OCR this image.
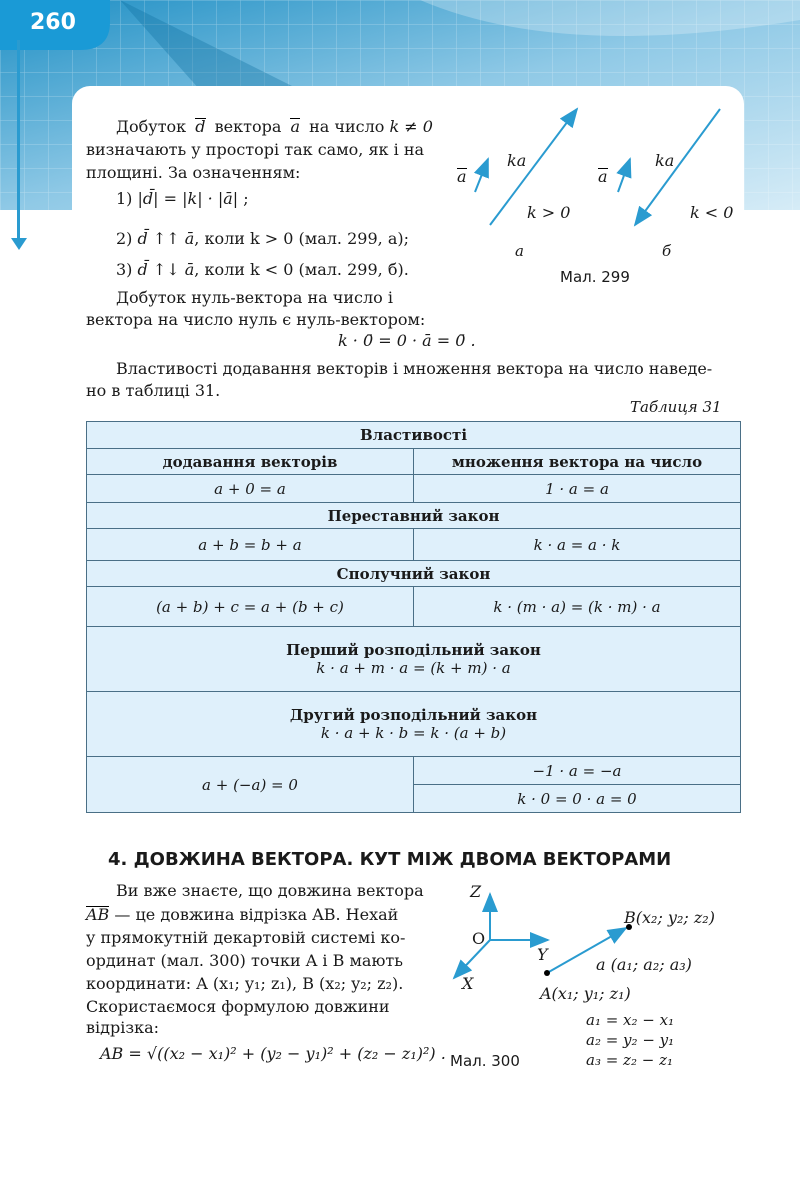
260
Добуток d вектора a на число k ≠ 0
визначають у просторі так само, як і на
площині. За означенням:
1) |d̄| = |k| · |ā| ;
2) d̄ ↑↑ ā, коли k > 0 (мал. 299, а);
3) d̄ ↑↓ ā, коли k < 0 (мал. 299, б).
Добуток нуль-вектора на число і
вектора на число нуль є нуль-вектором:
k · 0̄ = 0 · ā = 0̄ .
Властивості додавання векторів і множення вектора на число наведе-
но в таблиці 31.
a
ka
a
ka
k > 0	k < 0
а	б
Мал. 299
Таблиця 31
Властивості	
додавання векторів	множення вектора на число
a + 0 = a	1 · a = a
Переставний закон	
a + b = b + a	k · a = a · k
Сполучний закон	
(a + b) + c = a + (b + c)	k · (m · a) = (k · m) · a

Перший розподільний закон
k · a + m · a = (k + m) · a	

Другий розподільний закон
k · a + k · b = k · (a + b)	

a + (−a) = 0	−1 · a = −a
	k · 0 = 0 · a = 0
4. ДОВЖИНА ВЕКТОРА. КУТ МІЖ ДВОМА ВЕКТОРАМИ
Ви вже знаєте, що довжина вектора
AB — це довжина відрізка AB. Нехай
у прямокутній декартовій системі ко-
ординат (мал. 300) точки A і B мають
координати: A (x₁; y₁; z₁), B (x₂; y₂; z₂).
Скористаємося формулою довжини
відрізка:
AB = √((x₂ − x₁)² + (y₂ − y₁)² + (z₂ − z₁)²) .
Z
O
Y
X
B(x₂; y₂; z₂)
a (a₁; a₂; a₃)
A(x₁; y₁; z₁)
a₁ = x₂ − x₁
a₂ = y₂ − y₁
a₃ = z₂ − z₁
Мал. 300
